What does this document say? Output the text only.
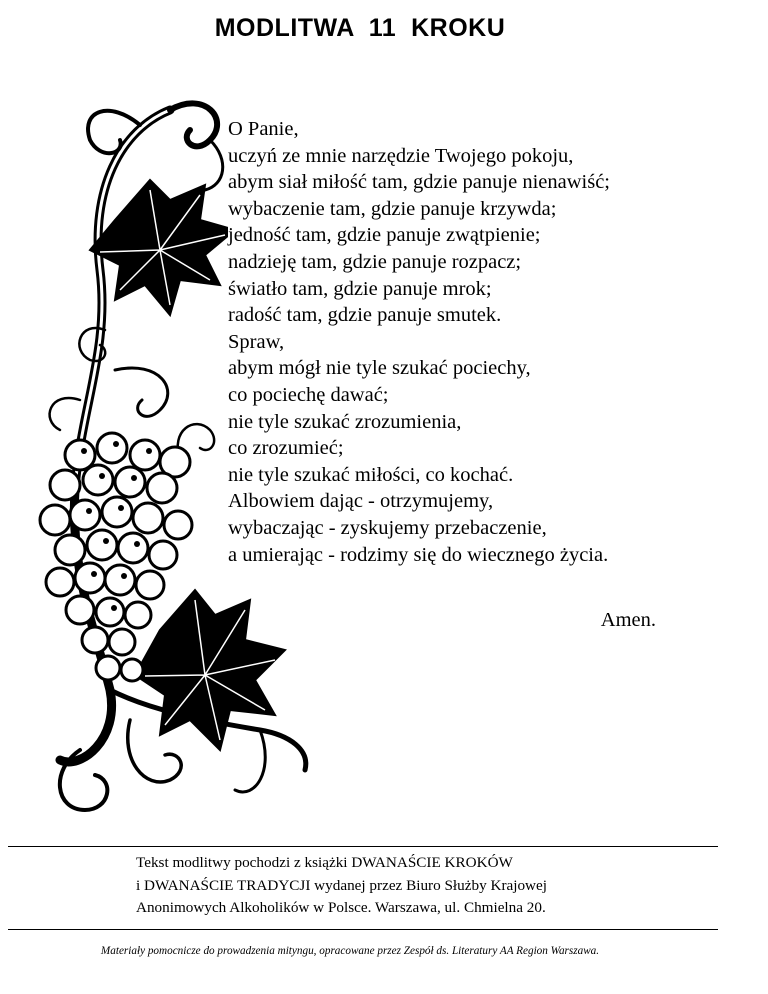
MODLITWA  11  KROKU
O Panie,
uczyń ze mnie narzędzie Twojego pokoju,
abym siał miłość tam, gdzie panuje nienawiść;
wybaczenie tam, gdzie panuje krzywda;
jedność tam, gdzie panuje zwątpienie;
nadzieję tam, gdzie panuje rozpacz;
światło tam, gdzie panuje mrok;
radość tam, gdzie panuje smutek.
Spraw,
abym mógł nie tyle szukać pociechy,
co pociechę dawać;
nie tyle szukać zrozumienia,
co zrozumieć;
nie tyle szukać miłości, co kochać.
Albowiem dając - otrzymujemy,
wybaczając - zyskujemy przebaczenie,
a umierając - rodzimy się do wiecznego życia.
Amen.
Tekst modlitwy pochodzi z książki DWANAŚCIE KROKÓW
i DWANAŚCIE TRADYCJI wydanej przez Biuro Służby Krajowej
Anonimowych Alkoholików w Polsce. Warszawa, ul. Chmielna 20.
Materiały pomocnicze do prowadzenia mityngu, opracowane przez Zespół ds. Literatury AA Region Warszawa.
